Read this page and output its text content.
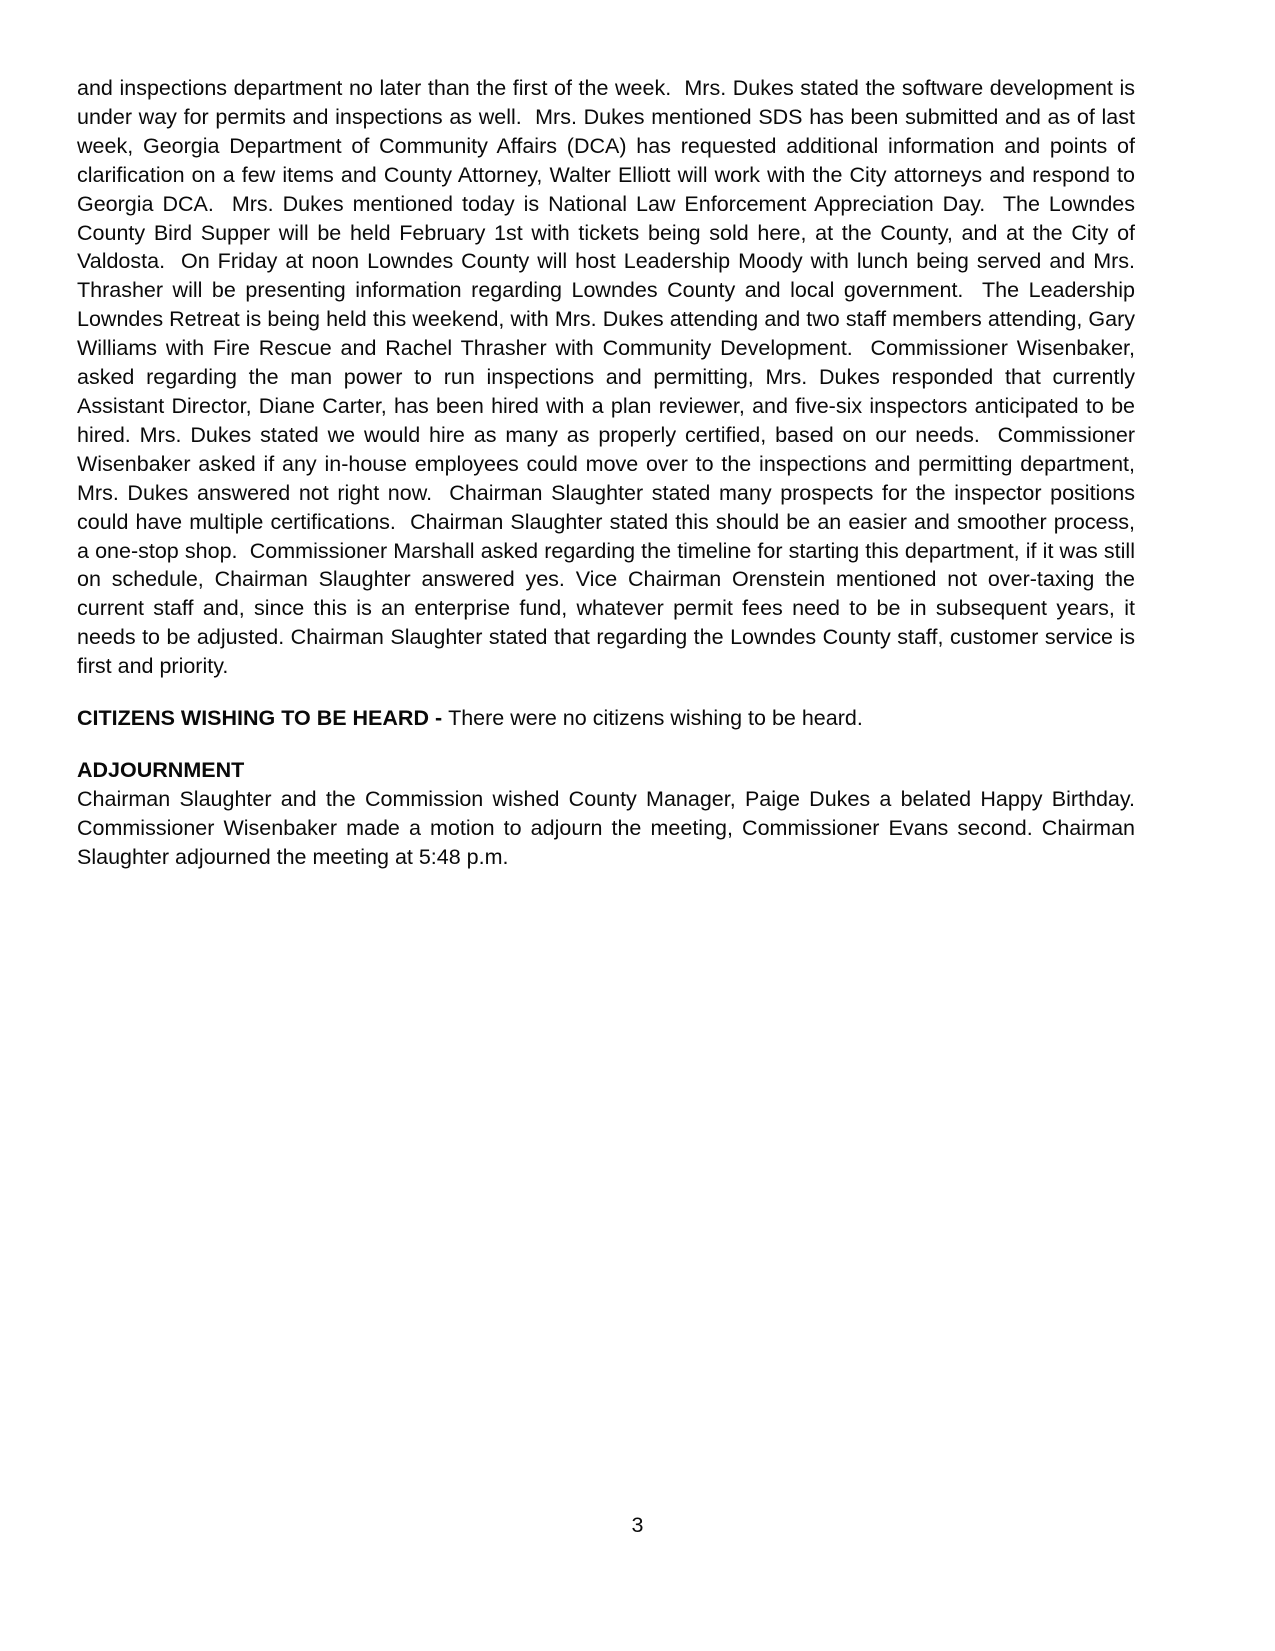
and inspections department no later than the first of the week.  Mrs. Dukes stated the software development is under way for permits and inspections as well.  Mrs. Dukes mentioned SDS has been submitted and as of last week, Georgia Department of Community Affairs (DCA) has requested additional information and points of clarification on a few items and County Attorney, Walter Elliott will work with the City attorneys and respond to Georgia DCA.  Mrs. Dukes mentioned today is National Law Enforcement Appreciation Day.  The Lowndes County Bird Supper will be held February 1st with tickets being sold here, at the County, and at the City of Valdosta.  On Friday at noon Lowndes County will host Leadership Moody with lunch being served and Mrs. Thrasher will be presenting information regarding Lowndes County and local government.  The Leadership Lowndes Retreat is being held this weekend, with Mrs. Dukes attending and two staff members attending, Gary Williams with Fire Rescue and Rachel Thrasher with Community Development.  Commissioner Wisenbaker, asked regarding the man power to run inspections and permitting, Mrs. Dukes responded that currently Assistant Director, Diane Carter, has been hired with a plan reviewer, and five-six inspectors anticipated to be hired. Mrs. Dukes stated we would hire as many as properly certified, based on our needs.  Commissioner Wisenbaker asked if any in-house employees could move over to the inspections and permitting department, Mrs. Dukes answered not right now.  Chairman Slaughter stated many prospects for the inspector positions could have multiple certifications.  Chairman Slaughter stated this should be an easier and smoother process, a one-stop shop.  Commissioner Marshall asked regarding the timeline for starting this department, if it was still on schedule, Chairman Slaughter answered yes. Vice Chairman Orenstein mentioned not over-taxing the current staff and, since this is an enterprise fund, whatever permit fees need to be in subsequent years, it needs to be adjusted. Chairman Slaughter stated that regarding the Lowndes County staff, customer service is first and priority.

CITIZENS WISHING TO BE HEARD - There were no citizens wishing to be heard.

ADJOURNMENT

Chairman Slaughter and the Commission wished County Manager, Paige Dukes a belated Happy Birthday.  Commissioner Wisenbaker made a motion to adjourn the meeting, Commissioner Evans second. Chairman Slaughter adjourned the meeting at 5:48 p.m.

3
